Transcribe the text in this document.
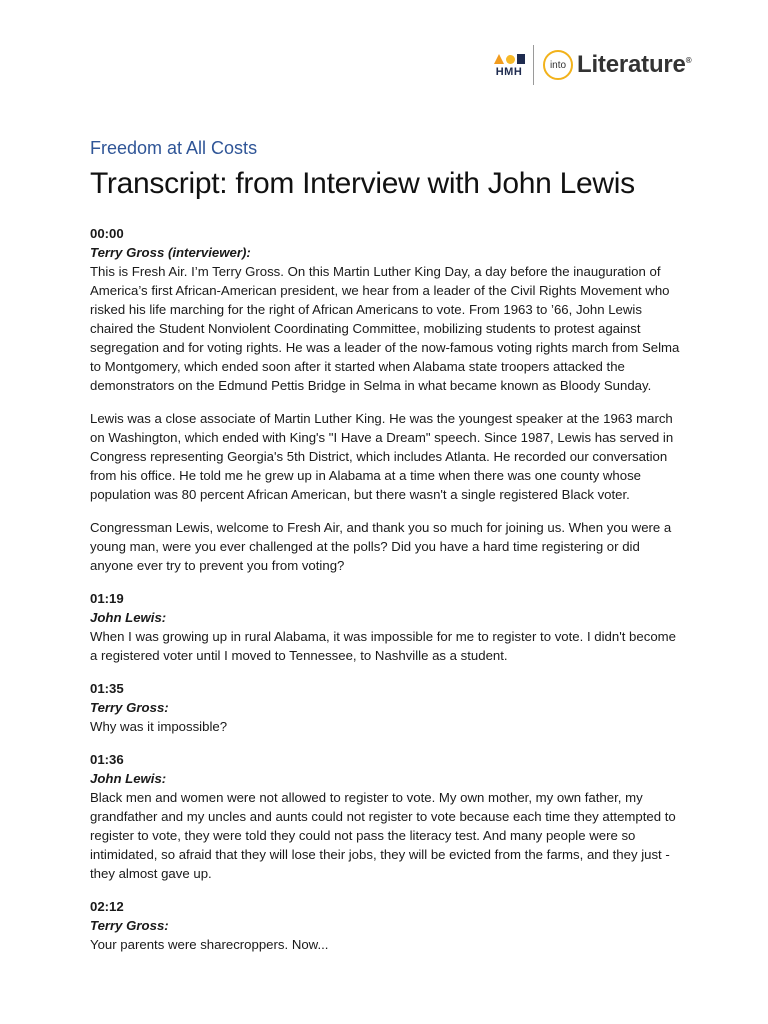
HMH
into Literature®

Freedom at All Costs

Transcript: from Interview with John Lewis

00:00

Terry Gross (interviewer):

This is Fresh Air. I’m Terry Gross. On this Martin Luther King Day, a day before the inauguration of America’s first African-American president, we hear from a leader of the Civil Rights Movement who risked his life marching for the right of African Americans to vote. From 1963 to ’66, John Lewis chaired the Student Nonviolent Coordinating Committee, mobilizing students to protest against segregation and for voting rights. He was a leader of the now-famous voting rights march from Selma to Montgomery, which ended soon after it started when Alabama state troopers attacked the demonstrators on the Edmund Pettis Bridge in Selma in what became known as Bloody Sunday.

Lewis was a close associate of Martin Luther King. He was the youngest speaker at the 1963 march on Washington, which ended with King's "I Have a Dream" speech. Since 1987, Lewis has served in Congress representing Georgia's 5th District, which includes Atlanta. He recorded our conversation from his office. He told me he grew up in Alabama at a time when there was one county whose population was 80 percent African American, but there wasn't a single registered Black voter.

Congressman Lewis, welcome to Fresh Air, and thank you so much for joining us. When you were a young man, were you ever challenged at the polls? Did you have a hard time registering or did anyone ever try to prevent you from voting?

01:19

John Lewis:

When I was growing up in rural Alabama, it was impossible for me to register to vote. I didn't become a registered voter until I moved to Tennessee, to Nashville as a student.

01:35

Terry Gross:

Why was it impossible?

01:36

John Lewis:

Black men and women were not allowed to register to vote. My own mother, my own father, my grandfather and my uncles and aunts could not register to vote because each time they attempted to register to vote, they were told they could not pass the literacy test. And many people were so intimidated, so afraid that they will lose their jobs, they will be evicted from the farms, and they just - they almost gave up.

02:12

Terry Gross:

Your parents were sharecroppers. Now...
